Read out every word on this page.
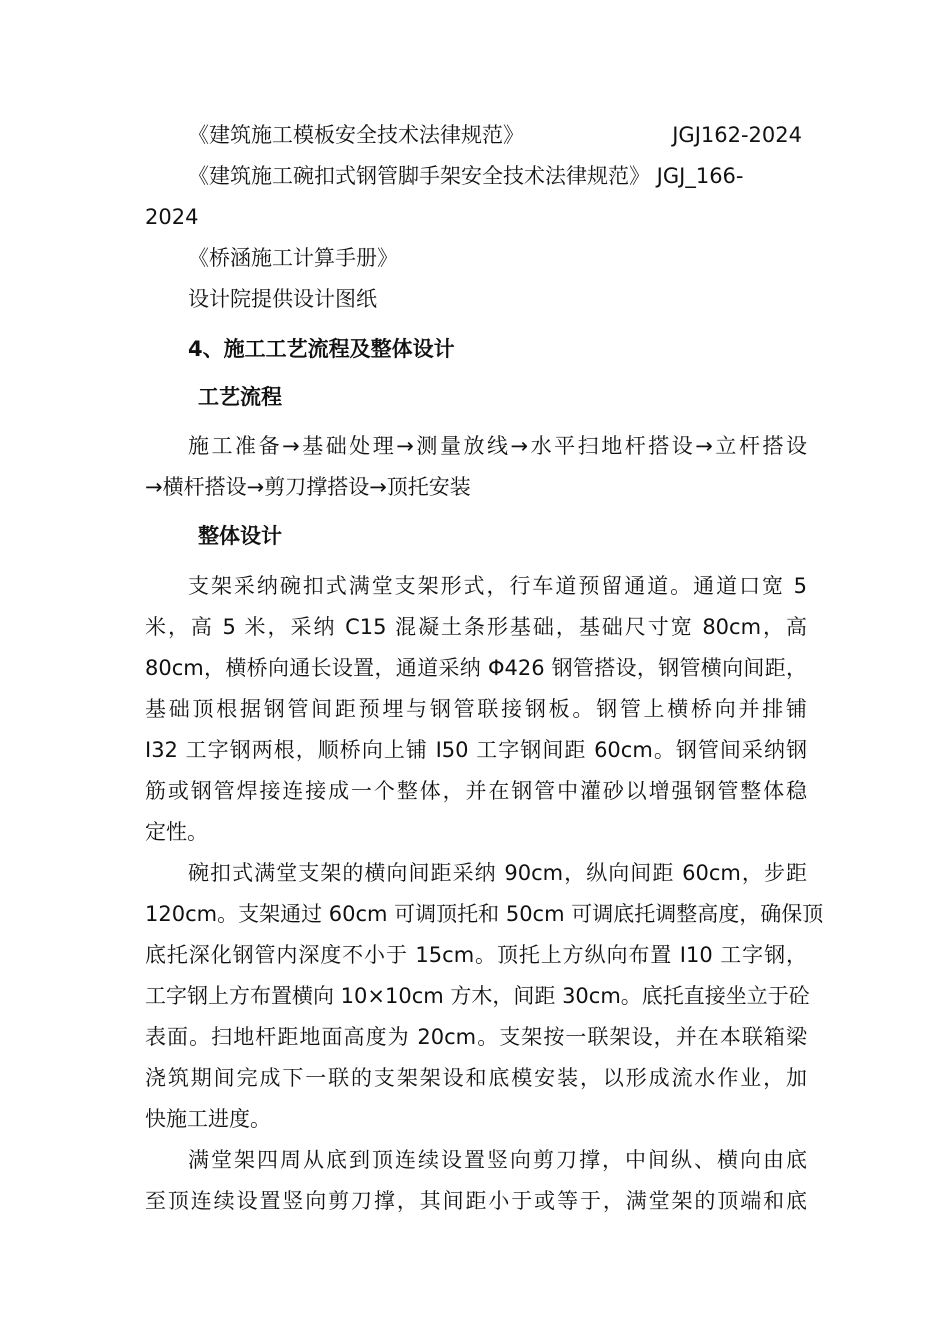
《建筑施工模板安全技术法律规范》	JGJ162-2024
《建筑施工碗扣式钢管脚手架安全技术法律规范》 JGJ_166-
2024
《桥涵施工计算手册》
设计院提供设计图纸
4、施工工艺流程及整体设计
工艺流程
施工准备→基础处理→测量放线→水平扫地杆搭设→立杆搭设
→横杆搭设→剪刀撑搭设→顶托安装
整体设计
支架采纳碗扣式满堂支架形式，行车道预留通道。通道口宽 5
米，高 5 米，采纳 C15 混凝土条形基础，基础尺寸宽 80cm，高
80cm，横桥向通长设置，通道采纳 Φ426 钢管搭设，钢管横向间距，
基础顶根据钢管间距预埋与钢管联接钢板。钢管上横桥向并排铺
I32 工字钢两根，顺桥向上铺 I50 工字钢间距 60cm。钢管间采纳钢
筋或钢管焊接连接成一个整体，并在钢管中灌砂以增强钢管整体稳
定性。
碗扣式满堂支架的横向间距采纳 90cm，纵向间距 60cm，步距
120cm。支架通过 60cm 可调顶托和 50cm 可调底托调整高度，确保顶
底托深化钢管内深度不小于 15cm。顶托上方纵向布置 I10 工字钢，
工字钢上方布置横向 10×10cm 方木，间距 30cm。底托直接坐立于砼
表面。扫地杆距地面高度为 20cm。支架按一联架设，并在本联箱梁
浇筑期间完成下一联的支架架设和底模安装，以形成流水作业，加
快施工进度。
满堂架四周从底到顶连续设置竖向剪刀撑，中间纵、横向由底
至顶连续设置竖向剪刀撑，其间距小于或等于，满堂架的顶端和底
